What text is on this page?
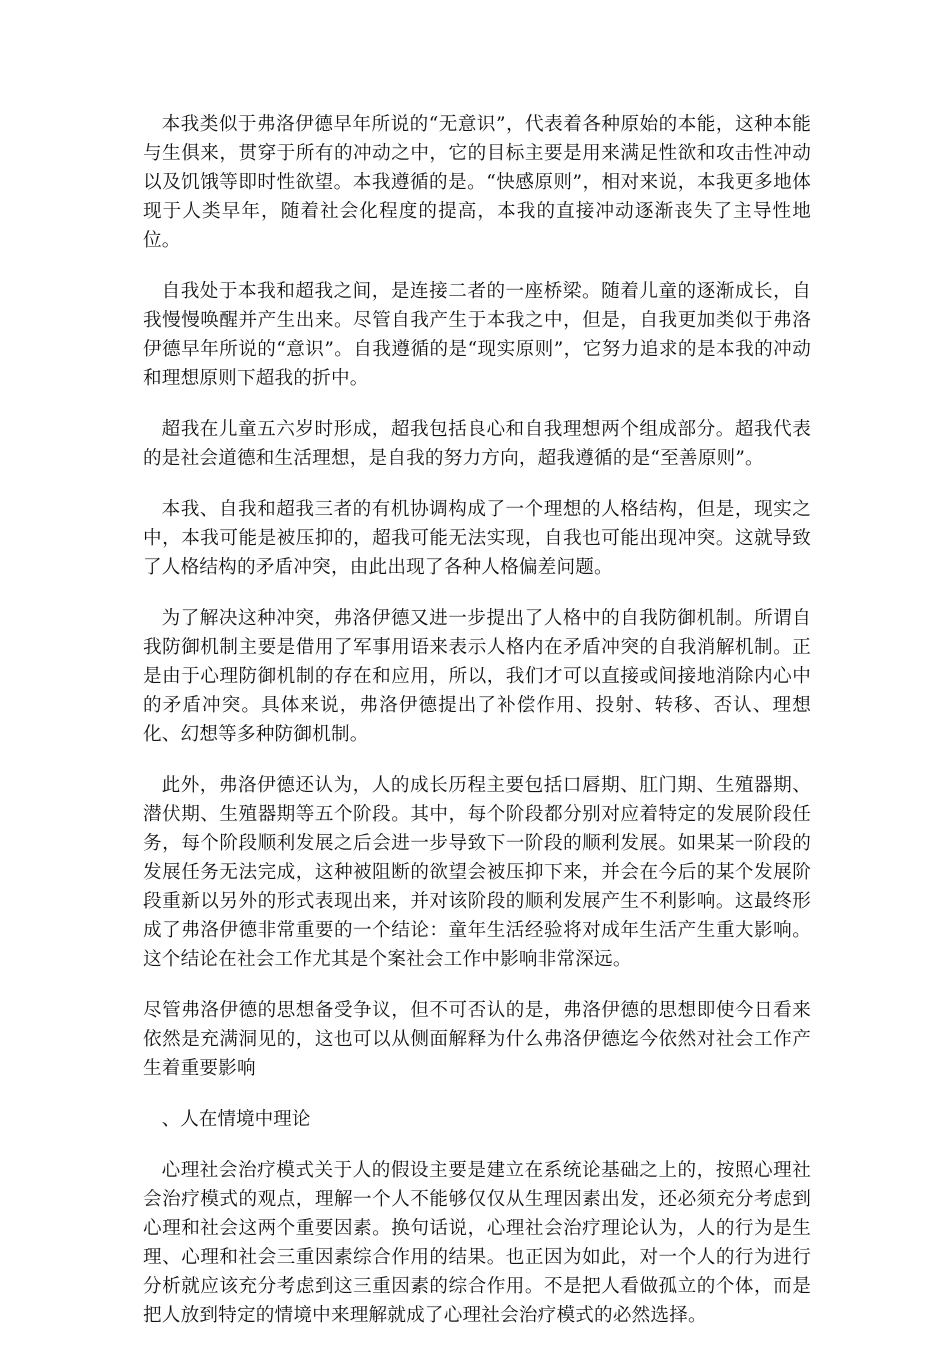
本我类似于弗洛伊德早年所说的“无意识”，代表着各种原始的本能，这种本能与生俱来，贯穿于所有的冲动之中，它的目标主要是用来满足性欲和攻击性冲动以及饥饿等即时性欲望。本我遵循的是。“快感原则”，相对来说，本我更多地体现于人类早年，随着社会化程度的提高，本我的直接冲动逐渐丧失了主导性地位。

自我处于本我和超我之间，是连接二者的一座桥梁。随着儿童的逐渐成长，自我慢慢唤醒并产生出来。尽管自我产生于本我之中，但是，自我更加类似于弗洛伊德早年所说的“意识”。自我遵循的是“现实原则”，它努力追求的是本我的冲动和理想原则下超我的折中。

超我在儿童五六岁时形成，超我包括良心和自我理想两个组成部分。超我代表的是社会道德和生活理想，是自我的努力方向，超我遵循的是“至善原则”。

本我、自我和超我三者的有机协调构成了一个理想的人格结构，但是，现实之中，本我可能是被压抑的，超我可能无法实现，自我也可能出现冲突。这就导致了人格结构的矛盾冲突，由此出现了各种人格偏差问题。

为了解决这种冲突，弗洛伊德又进一步提出了人格中的自我防御机制。所谓自我防御机制主要是借用了军事用语来表示人格内在矛盾冲突的自我消解机制。正是由于心理防御机制的存在和应用，所以，我们才可以直接或间接地消除内心中的矛盾冲突。具体来说，弗洛伊德提出了补偿作用、投射、转移、否认、理想化、幻想等多种防御机制。

此外，弗洛伊德还认为，人的成长历程主要包括口唇期、肛门期、生殖器期、潜伏期、生殖器期等五个阶段。其中，每个阶段都分别对应着特定的发展阶段任务，每个阶段顺利发展之后会进一步导致下一阶段的顺利发展。如果某一阶段的发展任务无法完成，这种被阻断的欲望会被压抑下来，并会在今后的某个发展阶段重新以另外的形式表现出来，并对该阶段的顺利发展产生不利影响。这最终形成了弗洛伊德非常重要的一个结论：童年生活经验将对成年生活产生重大影响。这个结论在社会工作尤其是个案社会工作中影响非常深远。

尽管弗洛伊德的思想备受争议，但不可否认的是，弗洛伊德的思想即使今日看来依然是充满洞见的，这也可以从侧面解释为什么弗洛伊德迄今依然对社会工作产生着重要影响

、人在情境中理论

心理社会治疗模式关于人的假设主要是建立在系统论基础之上的，按照心理社会治疗模式的观点，理解一个人不能够仅仅从生理因素出发，还必须充分考虑到心理和社会这两个重要因素。换句话说，心理社会治疗理论认为，人的行为是生理、心理和社会三重因素综合作用的结果。也正因为如此，对一个人的行为进行分析就应该充分考虑到这三重因素的综合作用。不是把人看做孤立的个体，而是把人放到特定的情境中来理解就成了心理社会治疗模式的必然选择。
